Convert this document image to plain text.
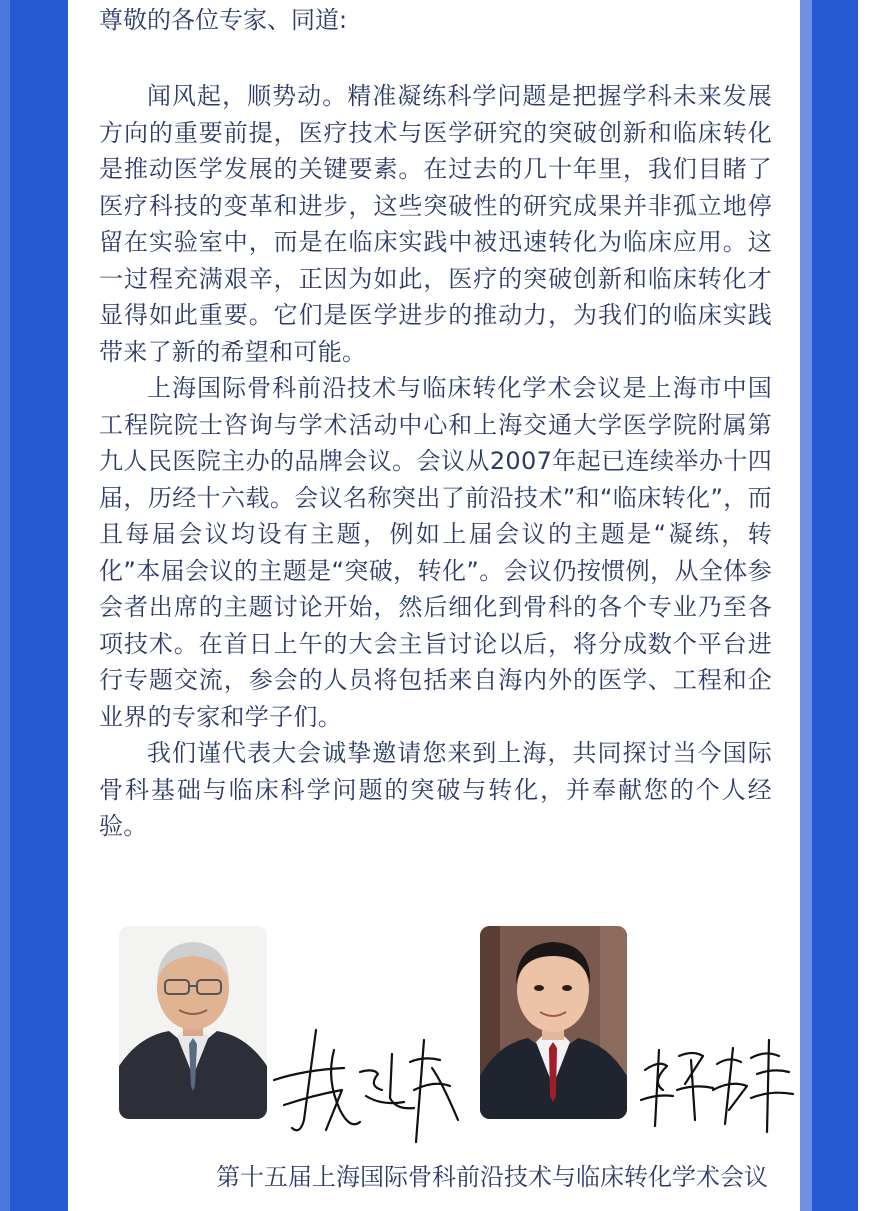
尊敬的各位专家、同道:

闻风起，顺势动。精准凝练科学问题是把握学科未来发展方向的重要前提，医疗技术与医学研究的突破创新和临床转化是推动医学发展的关键要素。在过去的几十年里，我们目睹了医疗科技的变革和进步，这些突破性的研究成果并非孤立地停留在实验室中，而是在临床实践中被迅速转化为临床应用。这一过程充满艰辛，正因为如此，医疗的突破创新和临床转化才显得如此重要。它们是医学进步的推动力，为我们的临床实践带来了新的希望和可能。

上海国际骨科前沿技术与临床转化学术会议是上海市中国工程院院士咨询与学术活动中心和上海交通大学医学院附属第九人民医院主办的品牌会议。会议从2007年起已连续举办十四届，历经十六载。会议名称突出了前沿技术”和“临床转化”，而且每届会议均设有主题，例如上届会议的主题是“凝练，转化”本届会议的主题是“突破，转化”。会议仍按惯例，从全体参会者出席的主题讨论开始，然后细化到骨科的各个专业乃至各项技术。在首日上午的大会主旨讨论以后，将分成数个平台进行专题交流，参会的人员将包括来自海内外的医学、工程和企业界的专家和学子们。

我们谨代表大会诚挚邀请您来到上海，共同探讨当今国际骨科基础与临床科学问题的突破与转化，并奉献您的个人经验。

第十五届上海国际骨科前沿技术与临床转化学术会议
